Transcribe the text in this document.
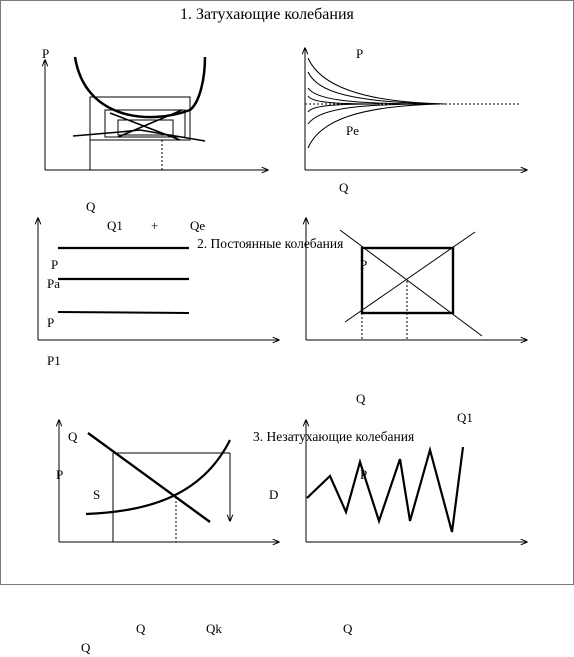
1. Затухающие колебания
2. Постоянные колебания
3. Незатухающие колебания
P	P
Pe
Q
Q
Q1 + Qe
P
Pa
P
P1
P
Q
Q1
Q
P
S	D
P
Q	Qk	Q
Q
